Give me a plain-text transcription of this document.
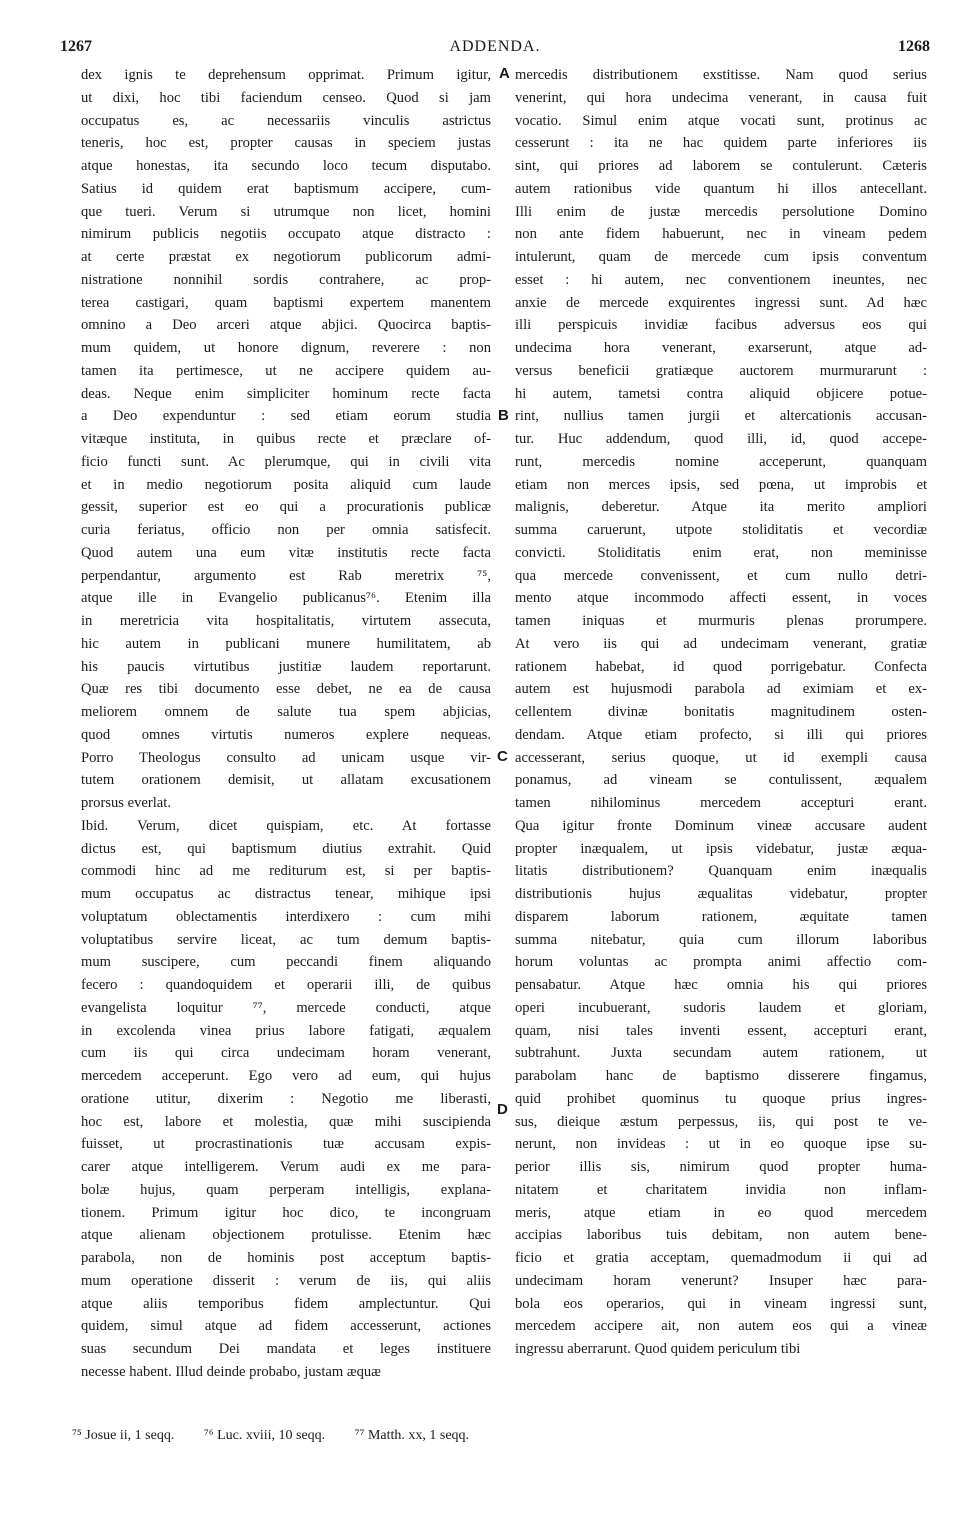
1267	ADDENDA.	1268
dex ignis te deprehensum opprimat. Primum igitur,
ut dixi, hoc tibi faciendum censeo. Quod si jam
occupatus es, ac necessariis vinculis astrictus
teneris, hoc est, propter causas in speciem justas
atque honestas, ita secundo loco tecum disputabo.
Satius id quidem erat baptismum accipere, cum-
que tueri. Verum si utrumque non licet, homini
nimirum publicis negotiis occupato atque distracto :
at certe præstat ex negotiorum publicorum admi-
nistratione nonnihil sordis contrahere, ac prop-
terea castigari, quam baptismi expertem manentem
omnino a Deo arceri atque abjici. Quocirca baptis-
mum quidem, ut honore dignum, reverere : non
tamen ita pertimesce, ut ne accipere quidem au-
deas. Neque enim simpliciter hominum recte facta
a Deo expenduntur : sed etiam eorum studia
vitæque instituta, in quibus recte et præclare of-
ficio functi sunt. Ac plerumque, qui in civili vita
et in medio negotiorum posita aliquid cum laude
gessit, superior est eo qui a procurationis publicæ
curia feriatus, officio non per omnia satisfecit.
Quod autem una eum vitæ institutis recte facta
perpendantur, argumento est Rab meretrix ⁷⁵,
atque ille in Evangelio publicanus⁷⁶. Etenim illa
in meretricia vita hospitalitatis, virtutem assecuta,
hic autem in publicani munere humilitatem, ab
his paucis virtutibus justitiæ laudem reportarunt.
Quæ res tibi documento esse debet, ne ea de causa
meliorem omnem de salute tua spem abjicias,
quod omnes virtutis numeros explere nequeas.
Porro Theologus consulto ad unicam usque vir-
tutem orationem demisit, ut allatam excusationem
prorsus everlat.
Ibid. Verum, dicet quispiam, etc. At fortasse
dictus est, qui baptismum diutius extrahit. Quid
commodi hinc ad me rediturum est, si per baptis-
mum occupatus ac distractus tenear, mihique ipsi
voluptatum oblectamentis interdixero : cum mihi
voluptatibus servire liceat, ac tum demum baptis-
mum suscipere, cum peccandi finem aliquando
fecero : quandoquidem et operarii illi, de quibus
evangelista loquitur ⁷⁷, mercede conducti, atque
in excolenda vinea prius labore fatigati, æqualem
cum iis qui circa undecimam horam venerant,
mercedem acceperunt. Ego vero ad eum, qui hujus
oratione utitur, dixerim : Negotio me liberasti,
hoc est, labore et molestia, quæ mihi suscipienda
fuisset, ut procrastinationis tuæ accusam expis-
carer atque intelligerem. Verum audi ex me para-
bolæ hujus, quam perperam intelligis, explana-
tionem. Primum igitur hoc dico, te incongruam
atque alienam objectionem protulisse. Etenim hæc
parabola, non de hominis post acceptum baptis-
mum operatione disserit : verum de iis, qui aliis
atque aliis temporibus fidem amplectuntur. Qui
quidem, simul atque ad fidem accesserunt, actiones
suas secundum Dei mandata et leges instituere
necesse habent. Illud deinde probabo, justam æquæ
mercedis distributionem exstitisse. Nam quod serius
venerint, qui hora undecima venerant, in causa fuit
vocatio. Simul enim atque vocati sunt, protinus ac
cesserunt : ita ne hac quidem parte inferiores iis
sint, qui priores ad laborem se contulerunt. Cæteris
autem rationibus vide quantum hi illos antecellant.
Illi enim de justæ mercedis persolutione Domino
non ante fidem habuerunt, nec in vineam pedem
intulerunt, quam de mercede cum ipsis conventum
esset : hi autem, nec conventionem ineuntes, nec
anxie de mercede exquirentes ingressi sunt. Ad hæc
illi perspicuis invidiæ facibus adversus eos qui
undecima hora venerant, exarserunt, atque ad-
versus beneficii gratiæque auctorem murmurarunt :
hi autem, tametsi contra aliquid objicere potue-
rint, nullius tamen jurgii et altercationis accusan-
tur. Huc addendum, quod illi, id, quod accepe-
runt, mercedis nomine acceperunt, quanquam
etiam non merces ipsis, sed pœna, ut improbis et
malignis, deberetur. Atque ita merito ampliori
summa caruerunt, utpote stoliditatis et vecordiæ
convicti. Stoliditatis enim erat, non meminisse
qua mercede convenissent, et cum nullo detri-
mento atque incommodo affecti essent, in voces
tamen iniquas et murmuris plenas prorumpere.
At vero iis qui ad undecimam venerant, gratiæ
rationem habebat, id quod porrigebatur. Confecta
autem est hujusmodi parabola ad eximiam et ex-
cellentem divinæ bonitatis magnitudinem osten-
dendam. Atque etiam profecto, si illi qui priores
accesserant, serius quoque, ut id exempli causa
ponamus, ad vineam se contulissent, æqualem
tamen nihilominus mercedem accepturi erant.
Qua igitur fronte Dominum vineæ accusare audent
propter inæqualem, ut ipsis videbatur, justæ æqua-
litatis distributionem? Quanquam enim inæqualis
distributionis hujus æqualitas videbatur, propter
disparem laborum rationem, æquitate tamen
summa nitebatur, quia cum illorum laboribus
horum voluntas ac prompta animi affectio com-
pensabatur. Atque hæc omnia his qui priores
operi incubuerant, sudoris laudem et gloriam,
quam, nisi tales inventi essent, accepturi erant,
subtrahunt. Juxta secundam autem rationem, ut
parabolam hanc de baptismo disserere fingamus,
quid prohibet quominus tu quoque prius ingres-
sus, dieique æstum perpessus, iis, qui post te ve-
nerunt, non invideas : ut in eo quoque ipse su-
perior illis sis, nimirum quod propter huma-
nitatem et charitatem invidia non inflam-
meris, atque etiam in eo quod mercedem
accipias laboribus tuis debitam, non autem bene-
ficio et gratia acceptam, quemadmodum ii qui ad
undecimam horam venerunt? Insuper hæc para-
bola eos operarios, qui in vineam ingressi sunt,
mercedem accipere ait, non autem eos qui a vineæ
ingressu aberrarunt. Quod quidem periculum tibi
A
B
C
D
⁷⁵ Josue ii, 1 seqq. ⁷⁶ Luc. xviii, 10 seqq. ⁷⁷ Matth. xx, 1 seqq.
